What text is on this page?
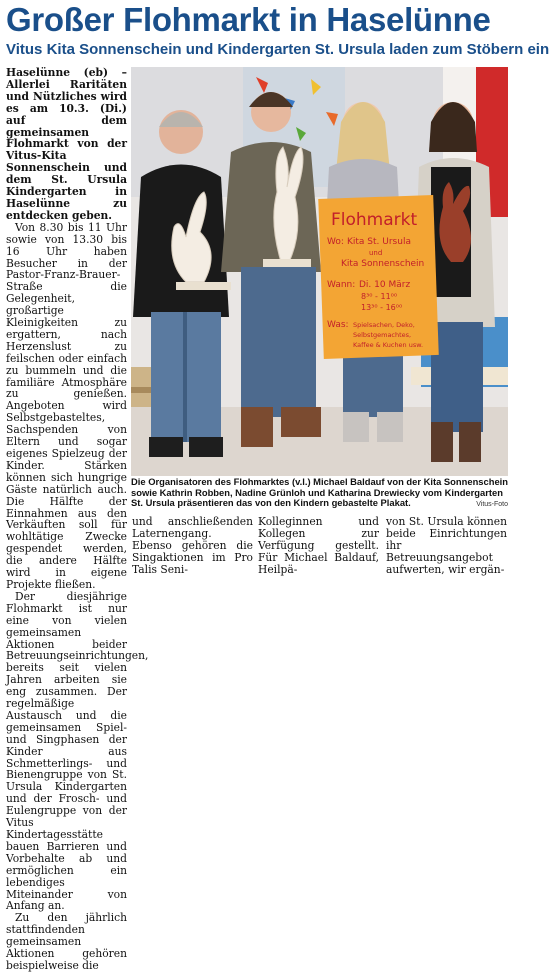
Großer Flohmarkt in Haselünne
Vitus Kita Sonnenschein und Kindergarten St. Ursula laden zum Stöbern ein

Haselünne (eb) – Allerlei Raritäten und Nützliches wird es am 10.3. (Di.) auf dem gemeinsamen Flohmarkt von der Vitus-Kita Sonnenschein und dem St. Ursula Kindergarten in Haselünne zu entdecken geben.

Von 8.30 bis 11 Uhr sowie von 13.30 bis 16 Uhr haben Besucher in der Pastor-Franz-Brauer-Straße die Gelegenheit, großartige Kleinigkeiten zu ergattern, nach Herzenslust zu feilschen oder einfach zu bummeln und die familiäre Atmosphäre zu genießen. Angeboten wird Selbstgebasteltes, Sachspenden von Eltern und sogar eigenes Spielzeug der Kinder. Stärken können sich hungrige Gäste natürlich auch. Die Hälfte der Einnahmen aus den Verkäuften soll für wohltätige Zwecke gespendet werden, die andere Hälfte wird in eigene Projekte fließen.

Der diesjährige Flohmarkt ist nur eine von vielen gemeinsamen Aktionen beider Betreuungseinrichtungen, bereits seit vielen Jahren arbeiten sie eng zusammen. Der regelmäßige Austausch und die gemeinsamen Spiel- und Singphasen der Kinder aus Schmetterlings- und Bienengruppe von St. Ursula Kindergarten und der Frosch- und Eulengruppe von der Vitus Kindertagesstätte bauen Barrieren und Vorbehalte ab und ermöglichen ein lebendiges Miteinander von Anfang an.

Zu den jährlich stattfindenden gemeinsamen Aktionen gehören beispielweise die

Flohmarkt
Wo: Kita St. Ursula
und
Kita Sonnenschein
Wann: Di. 10 März
8³⁰ - 11⁰⁰
13³⁰ - 16⁰⁰
Was: Spielsachen, Deko,
Selbstgemachtes,
Kaffee & Kuchen usw.
Die Organisatoren des Flohmarktes (v.l.) Michael Baldauf von der Kita Sonnenschein sowie Kathrin Robben, Nadine Grünloh und Katharina Drewiecky vom Kindergarten St. Ursula präsentieren das von den Kindern gebastelte Plakat.	Vitus-Foto

und anschließenden Laternengang. Ebenso gehören die Singaktionen im Pro Talis Seni-

Kolleginnen und Kollegen zur Verfügung gestellt. Für Michael Baldauf, Heilpä-

von St. Ursula können beide Einrichtungen ihr Betreuungsangebot aufwerten, wir ergän-
